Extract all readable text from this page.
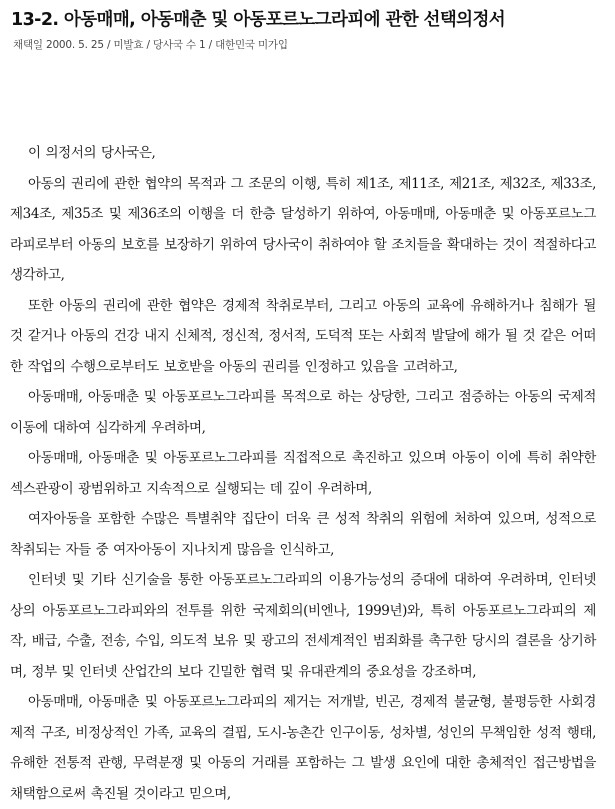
13-2. 아동매매, 아동매춘 및 아동포르노그라피에 관한 선택의정서
채택일 2000. 5. 25 / 미발효 / 당사국 수 1 / 대한민국 미가입

이 의정서의 당사국은,

아동의 권리에 관한 협약의 목적과 그 조문의 이행, 특히 제1조, 제11조, 제21조, 제32조, 제33조, 제34조, 제35조 및 제36조의 이행을 더 한층 달성하기 위하여, 아동매매, 아동매춘 및 아동포르노그라피로부터 아동의 보호를 보장하기 위하여 당사국이 취하여야 할 조치들을 확대하는 것이 적절하다고 생각하고,

또한 아동의 권리에 관한 협약은 경제적 착취로부터, 그리고 아동의 교육에 유해하거나 침해가 될 것 같거나 아동의 건강 내지 신체적, 정신적, 정서적, 도덕적 또는 사회적 발달에 해가 될 것 같은 어떠한 작업의 수행으로부터도 보호받을 아동의 권리를 인정하고 있음을 고려하고,

아동매매, 아동매춘 및 아동포르노그라피를 목적으로 하는 상당한, 그리고 점증하는 아동의 국제적 이동에 대하여 심각하게 우려하며,

아동매매, 아동매춘 및 아동포르노그라피를 직접적으로 촉진하고 있으며 아동이 이에 특히 취약한 섹스관광이 광범위하고 지속적으로 실행되는 데 깊이 우려하며,

여자아동을 포함한 수많은 특별취약 집단이 더욱 큰 성적 착취의 위험에 처하여 있으며, 성적으로 착취되는 자들 중 여자아동이 지나치게 많음을 인식하고,

인터넷 및 기타 신기술을 통한 아동포르노그라피의 이용가능성의 증대에 대하여 우려하며, 인터넷상의 아동포르노그라피와의 전투를 위한 국제회의(비엔나, 1999년)와, 특히 아동포르노그라피의 제작, 배급, 수출, 전송, 수입, 의도적 보유 및 광고의 전세계적인 범죄화를 촉구한 당시의 결론을 상기하며, 정부 및 인터넷 산업간의 보다 긴밀한 협력 및 유대관계의 중요성을 강조하며,

아동매매, 아동매춘 및 아동포르노그라피의 제거는 저개발, 빈곤, 경제적 불균형, 불평등한 사회경제적 구조, 비정상적인 가족, 교육의 결핍, 도시-농촌간 인구이동, 성차별, 성인의 무책임한 성적 행태, 유해한 전통적 관행, 무력분쟁 및 아동의 거래를 포함하는 그 발생 요인에 대한 총체적인 접근방법을 채택함으로써 촉진될 것이라고 믿으며,
